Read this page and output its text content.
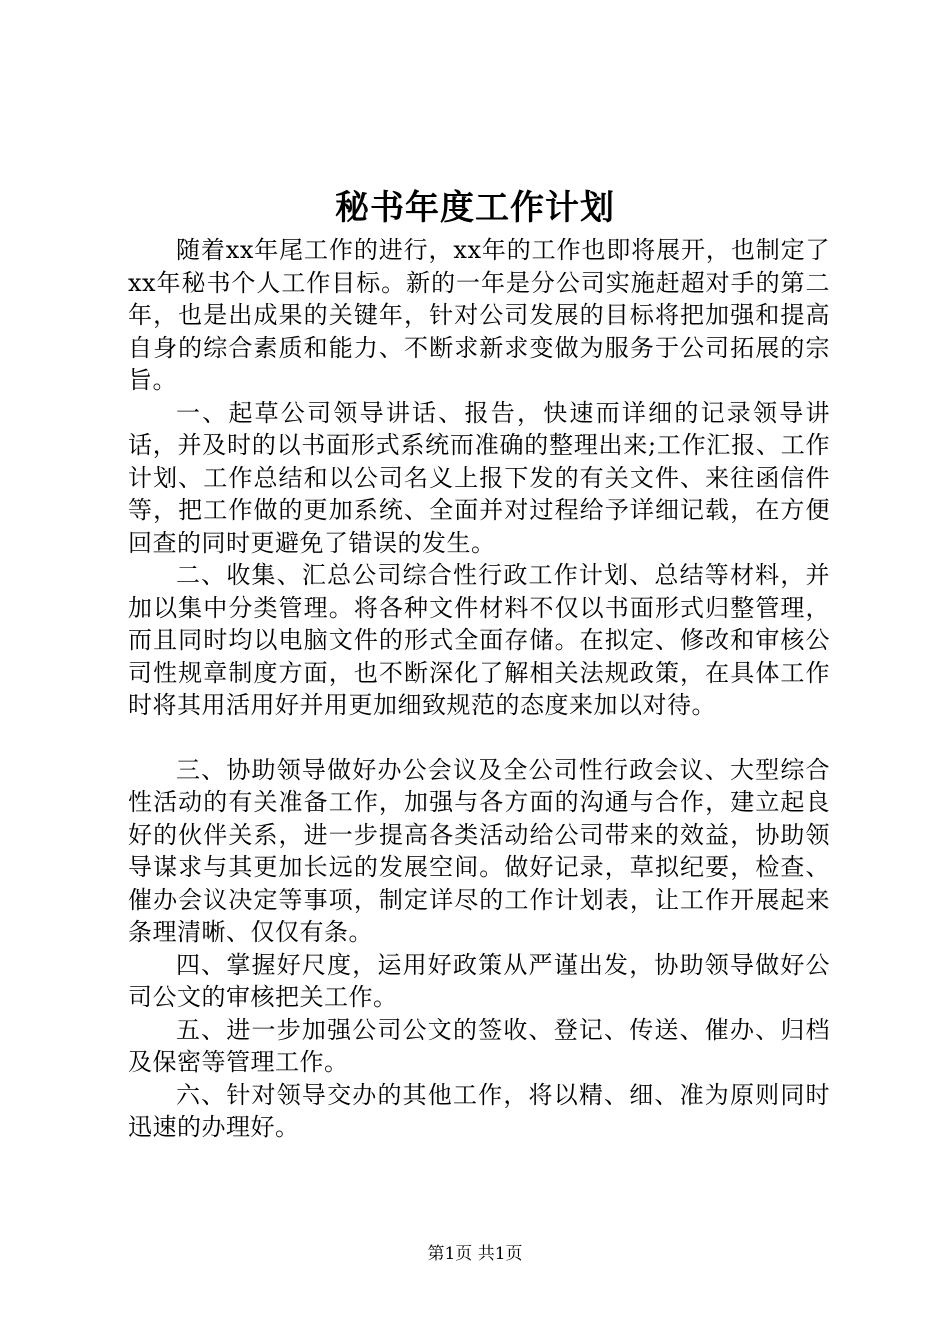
秘书年度工作计划

随着xx年尾工作的进行，xx年的工作也即将展开，也制定了xx年秘书个人工作目标。新的一年是分公司实施赶超对手的第二年，也是出成果的关键年，针对公司发展的目标将把加强和提高自身的综合素质和能力、不断求新求变做为服务于公司拓展的宗旨。

一、起草公司领导讲话、报告，快速而详细的记录领导讲话，并及时的以书面形式系统而准确的整理出来;工作汇报、工作计划、工作总结和以公司名义上报下发的有关文件、来往函信件等，把工作做的更加系统、全面并对过程给予详细记载，在方便回查的同时更避免了错误的发生。

二、收集、汇总公司综合性行政工作计划、总结等材料，并加以集中分类管理。将各种文件材料不仅以书面形式归整管理，而且同时均以电脑文件的形式全面存储。在拟定、修改和审核公司性规章制度方面，也不断深化了解相关法规政策，在具体工作时将其用活用好并用更加细致规范的态度来加以对待。

三、协助领导做好办公会议及全公司性行政会议、大型综合性活动的有关准备工作，加强与各方面的沟通与合作，建立起良好的伙伴关系，进一步提高各类活动给公司带来的效益，协助领导谋求与其更加长远的发展空间。做好记录，草拟纪要，检查、催办会议决定等事项，制定详尽的工作计划表，让工作开展起来条理清晰、仅仅有条。

四、掌握好尺度，运用好政策从严谨出发，协助领导做好公司公文的审核把关工作。

五、进一步加强公司公文的签收、登记、传送、催办、归档及保密等管理工作。

六、针对领导交办的其他工作，将以精、细、准为原则同时迅速的办理好。

第1页 共1页
